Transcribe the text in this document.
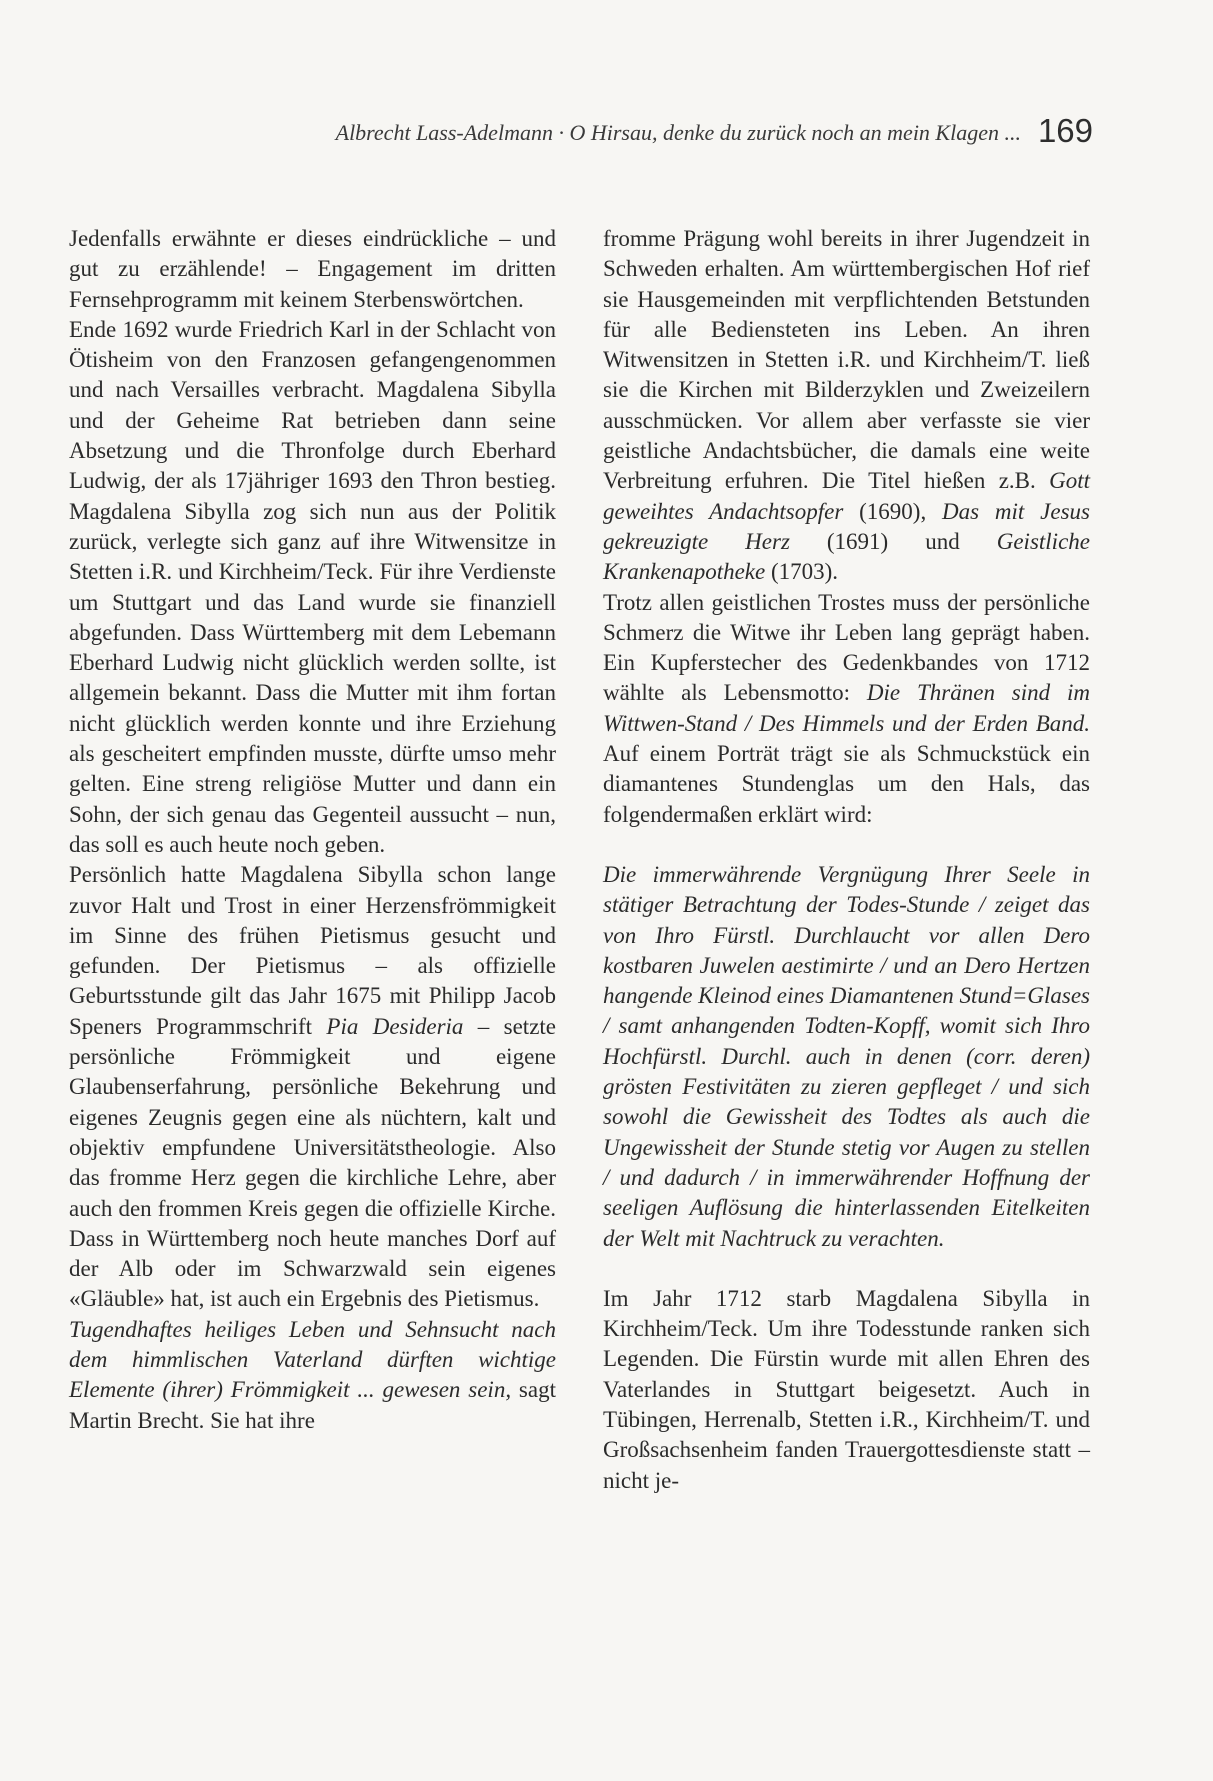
Albrecht Lass-Adelmann · O Hirsau, denke du zurück noch an mein Klagen ... 169

Jedenfalls erwähnte er dieses eindrückliche – und gut zu erzählende! – Engagement im dritten Fernsehprogramm mit keinem Sterbenswörtchen.

Ende 1692 wurde Friedrich Karl in der Schlacht von Ötisheim von den Franzosen gefangengenommen und nach Versailles verbracht. Magdalena Sibylla und der Geheime Rat betrieben dann seine Absetzung und die Thronfolge durch Eberhard Ludwig, der als 17jähriger 1693 den Thron bestieg. Magdalena Sibylla zog sich nun aus der Politik zurück, verlegte sich ganz auf ihre Witwensitze in Stetten i.R. und Kirchheim/Teck. Für ihre Verdienste um Stuttgart und das Land wurde sie finanziell abgefunden. Dass Württemberg mit dem Lebemann Eberhard Ludwig nicht glücklich werden sollte, ist allgemein bekannt. Dass die Mutter mit ihm fortan nicht glücklich werden konnte und ihre Erziehung als gescheitert empfinden musste, dürfte umso mehr gelten. Eine streng religiöse Mutter und dann ein Sohn, der sich genau das Gegenteil aussucht – nun, das soll es auch heute noch geben.

Persönlich hatte Magdalena Sibylla schon lange zuvor Halt und Trost in einer Herzensfrömmigkeit im Sinne des frühen Pietismus gesucht und gefunden. Der Pietismus – als offizielle Geburtsstunde gilt das Jahr 1675 mit Philipp Jacob Speners Programmschrift Pia Desideria – setzte persönliche Frömmigkeit und eigene Glaubenserfahrung, persönliche Bekehrung und eigenes Zeugnis gegen eine als nüchtern, kalt und objektiv empfundene Universitätstheologie. Also das fromme Herz gegen die kirchliche Lehre, aber auch den frommen Kreis gegen die offizielle Kirche. Dass in Württemberg noch heute manches Dorf auf der Alb oder im Schwarzwald sein eigenes «Gläuble» hat, ist auch ein Ergebnis des Pietismus.

Tugendhaftes heiliges Leben und Sehnsucht nach dem himmlischen Vaterland dürften wichtige Elemente (ihrer) Frömmigkeit ... gewesen sein, sagt Martin Brecht. Sie hat ihre

fromme Prägung wohl bereits in ihrer Jugendzeit in Schweden erhalten. Am württembergischen Hof rief sie Hausgemeinden mit verpflichtenden Betstunden für alle Bediensteten ins Leben. An ihren Witwensitzen in Stetten i.R. und Kirchheim/T. ließ sie die Kirchen mit Bilderzyklen und Zweizeilern ausschmücken. Vor allem aber verfasste sie vier geistliche Andachtsbücher, die damals eine weite Verbreitung erfuhren. Die Titel hießen z.B. Gott geweihtes Andachtsopfer (1690), Das mit Jesus gekreuzigte Herz (1691) und Geistliche Krankenapotheke (1703).

Trotz allen geistlichen Trostes muss der persönliche Schmerz die Witwe ihr Leben lang geprägt haben. Ein Kupferstecher des Gedenkbandes von 1712 wählte als Lebensmotto: Die Thränen sind im Wittwen-Stand / Des Himmels und der Erden Band. Auf einem Porträt trägt sie als Schmuckstück ein diamantenes Stundenglas um den Hals, das folgendermaßen erklärt wird:

Die immerwährende Vergnügung Ihrer Seele in stätiger Betrachtung der Todes-Stunde / zeiget das von Ihro Fürstl. Durchlaucht vor allen Dero kostbaren Juwelen aestimirte / und an Dero Hertzen hangende Kleinod eines Diamantenen Stund=Glases / samt anhangenden Todten-Kopff, womit sich Ihro Hochfürstl. Durchl. auch in denen (corr. deren) grösten Festivitäten zu zieren gepfleget / und sich sowohl die Gewissheit des Todtes als auch die Ungewissheit der Stunde stetig vor Augen zu stellen / und dadurch / in immerwährender Hoffnung der seeligen Auflösung die hinterlassenden Eitelkeiten der Welt mit Nachtruck zu verachten.

Im Jahr 1712 starb Magdalena Sibylla in Kirchheim/Teck. Um ihre Todesstunde ranken sich Legenden. Die Fürstin wurde mit allen Ehren des Vaterlandes in Stuttgart beigesetzt. Auch in Tübingen, Herrenalb, Stetten i.R., Kirchheim/T. und Großsachsenheim fanden Trauergottesdienste statt – nicht je-
